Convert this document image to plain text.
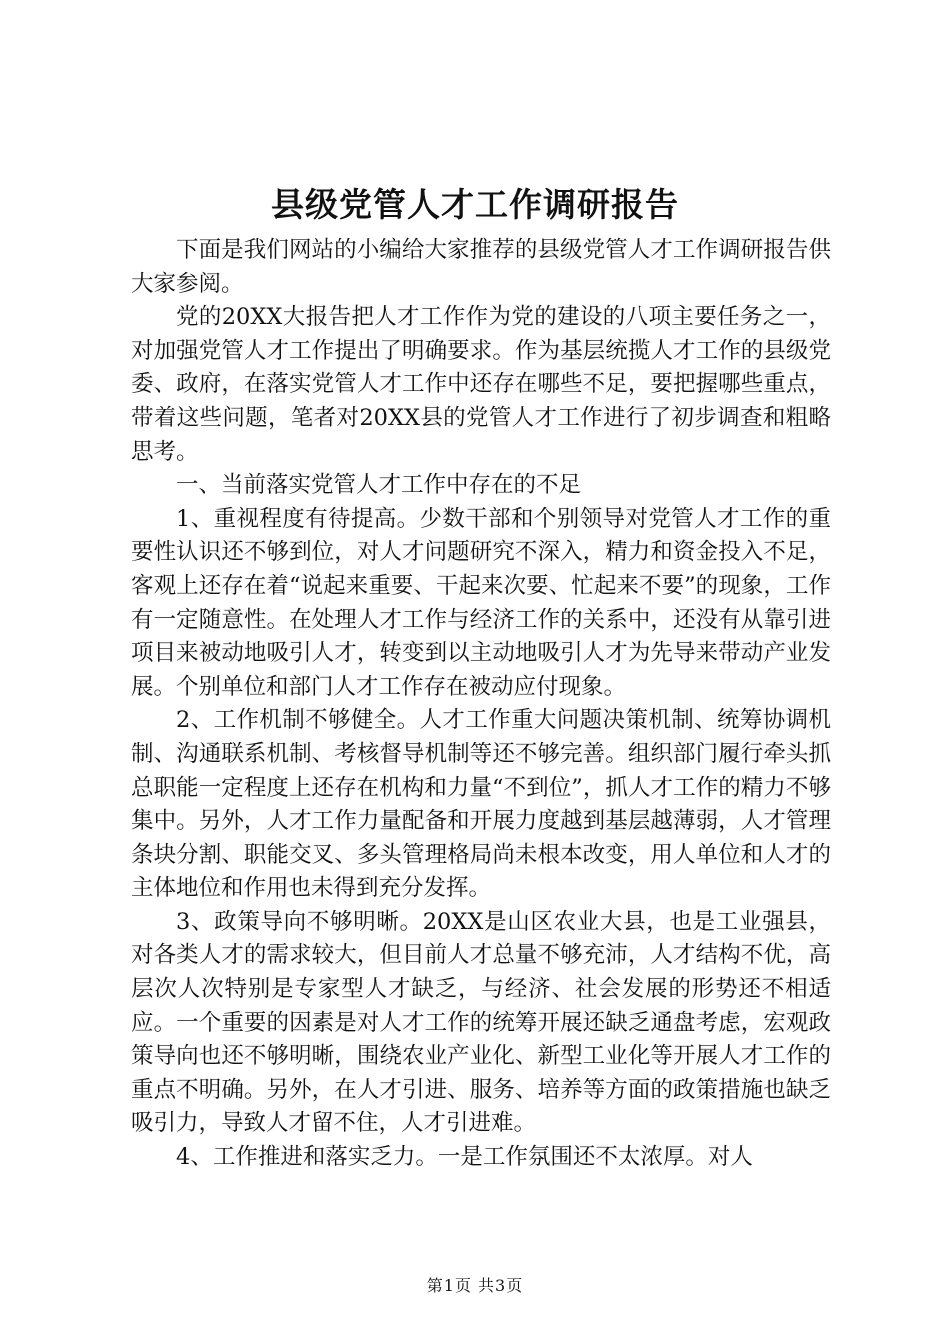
县级党管人才工作调研报告

下面是我们网站的小编给大家推荐的县级党管人才工作调研报告供大家参阅。

党的20XX大报告把人才工作作为党的建设的八项主要任务之一，对加强党管人才工作提出了明确要求。作为基层统揽人才工作的县级党委、政府，在落实党管人才工作中还存在哪些不足，要把握哪些重点，带着这些问题，笔者对20XX县的党管人才工作进行了初步调查和粗略思考。

一、当前落实党管人才工作中存在的不足

1、重视程度有待提高。少数干部和个别领导对党管人才工作的重要性认识还不够到位，对人才问题研究不深入，精力和资金投入不足，客观上还存在着“说起来重要、干起来次要、忙起来不要”的现象，工作有一定随意性。在处理人才工作与经济工作的关系中，还没有从靠引进项目来被动地吸引人才，转变到以主动地吸引人才为先导来带动产业发展。个别单位和部门人才工作存在被动应付现象。

2、工作机制不够健全。人才工作重大问题决策机制、统筹协调机制、沟通联系机制、考核督导机制等还不够完善。组织部门履行牵头抓总职能一定程度上还存在机构和力量“不到位”，抓人才工作的精力不够集中。另外，人才工作力量配备和开展力度越到基层越薄弱，人才管理条块分割、职能交叉、多头管理格局尚未根本改变，用人单位和人才的主体地位和作用也未得到充分发挥。

3、政策导向不够明晰。20XX是山区农业大县，也是工业强县，对各类人才的需求较大，但目前人才总量不够充沛，人才结构不优，高层次人次特别是专家型人才缺乏，与经济、社会发展的形势还不相适应。一个重要的因素是对人才工作的统筹开展还缺乏通盘考虑，宏观政策导向也还不够明晰，围绕农业产业化、新型工业化等开展人才工作的重点不明确。另外，在人才引进、服务、培养等方面的政策措施也缺乏吸引力，导致人才留不住，人才引进难。

4、工作推进和落实乏力。一是工作氛围还不太浓厚。对人

第1页 共3页
